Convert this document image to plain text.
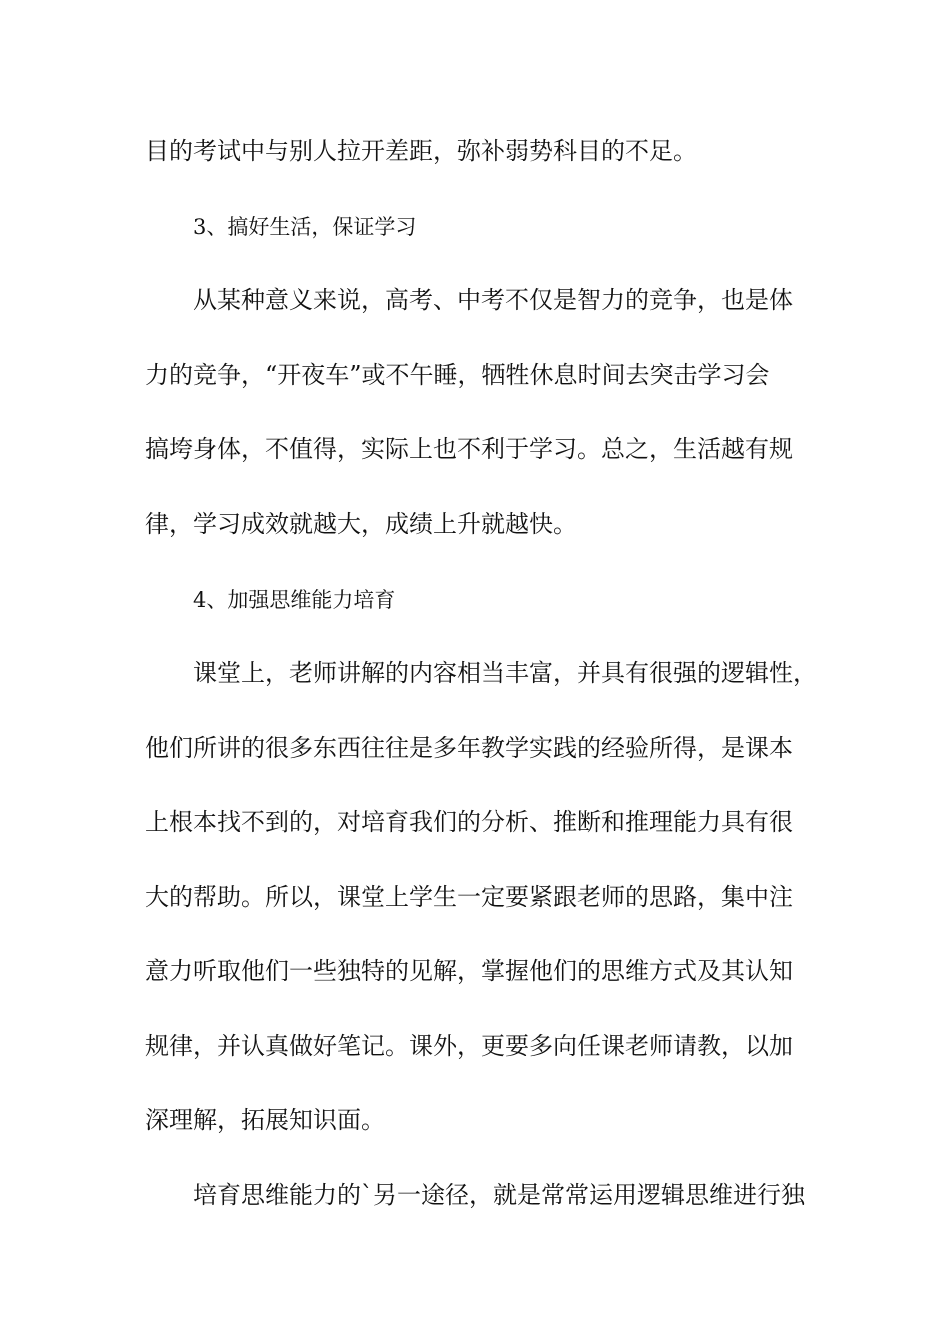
目的考试中与别人拉开差距，弥补弱势科目的不足。
3、搞好生活，保证学习
从某种意义来说，高考、中考不仅是智力的竞争，也是体
力的竞争，“开夜车”或不午睡，牺牲休息时间去突击学习会
搞垮身体，不值得，实际上也不利于学习。总之，生活越有规
律，学习成效就越大，成绩上升就越快。
4、加强思维能力培育
课堂上，老师讲解的内容相当丰富，并具有很强的逻辑性，
他们所讲的很多东西往往是多年教学实践的经验所得，是课本
上根本找不到的，对培育我们的分析、推断和推理能力具有很
大的帮助。所以，课堂上学生一定要紧跟老师的思路，集中注
意力听取他们一些独特的见解，掌握他们的思维方式及其认知
规律，并认真做好笔记。课外，更要多向任课老师请教，以加
深理解，拓展知识面。
培育思维能力的`另一途径，就是常常运用逻辑思维进行独
